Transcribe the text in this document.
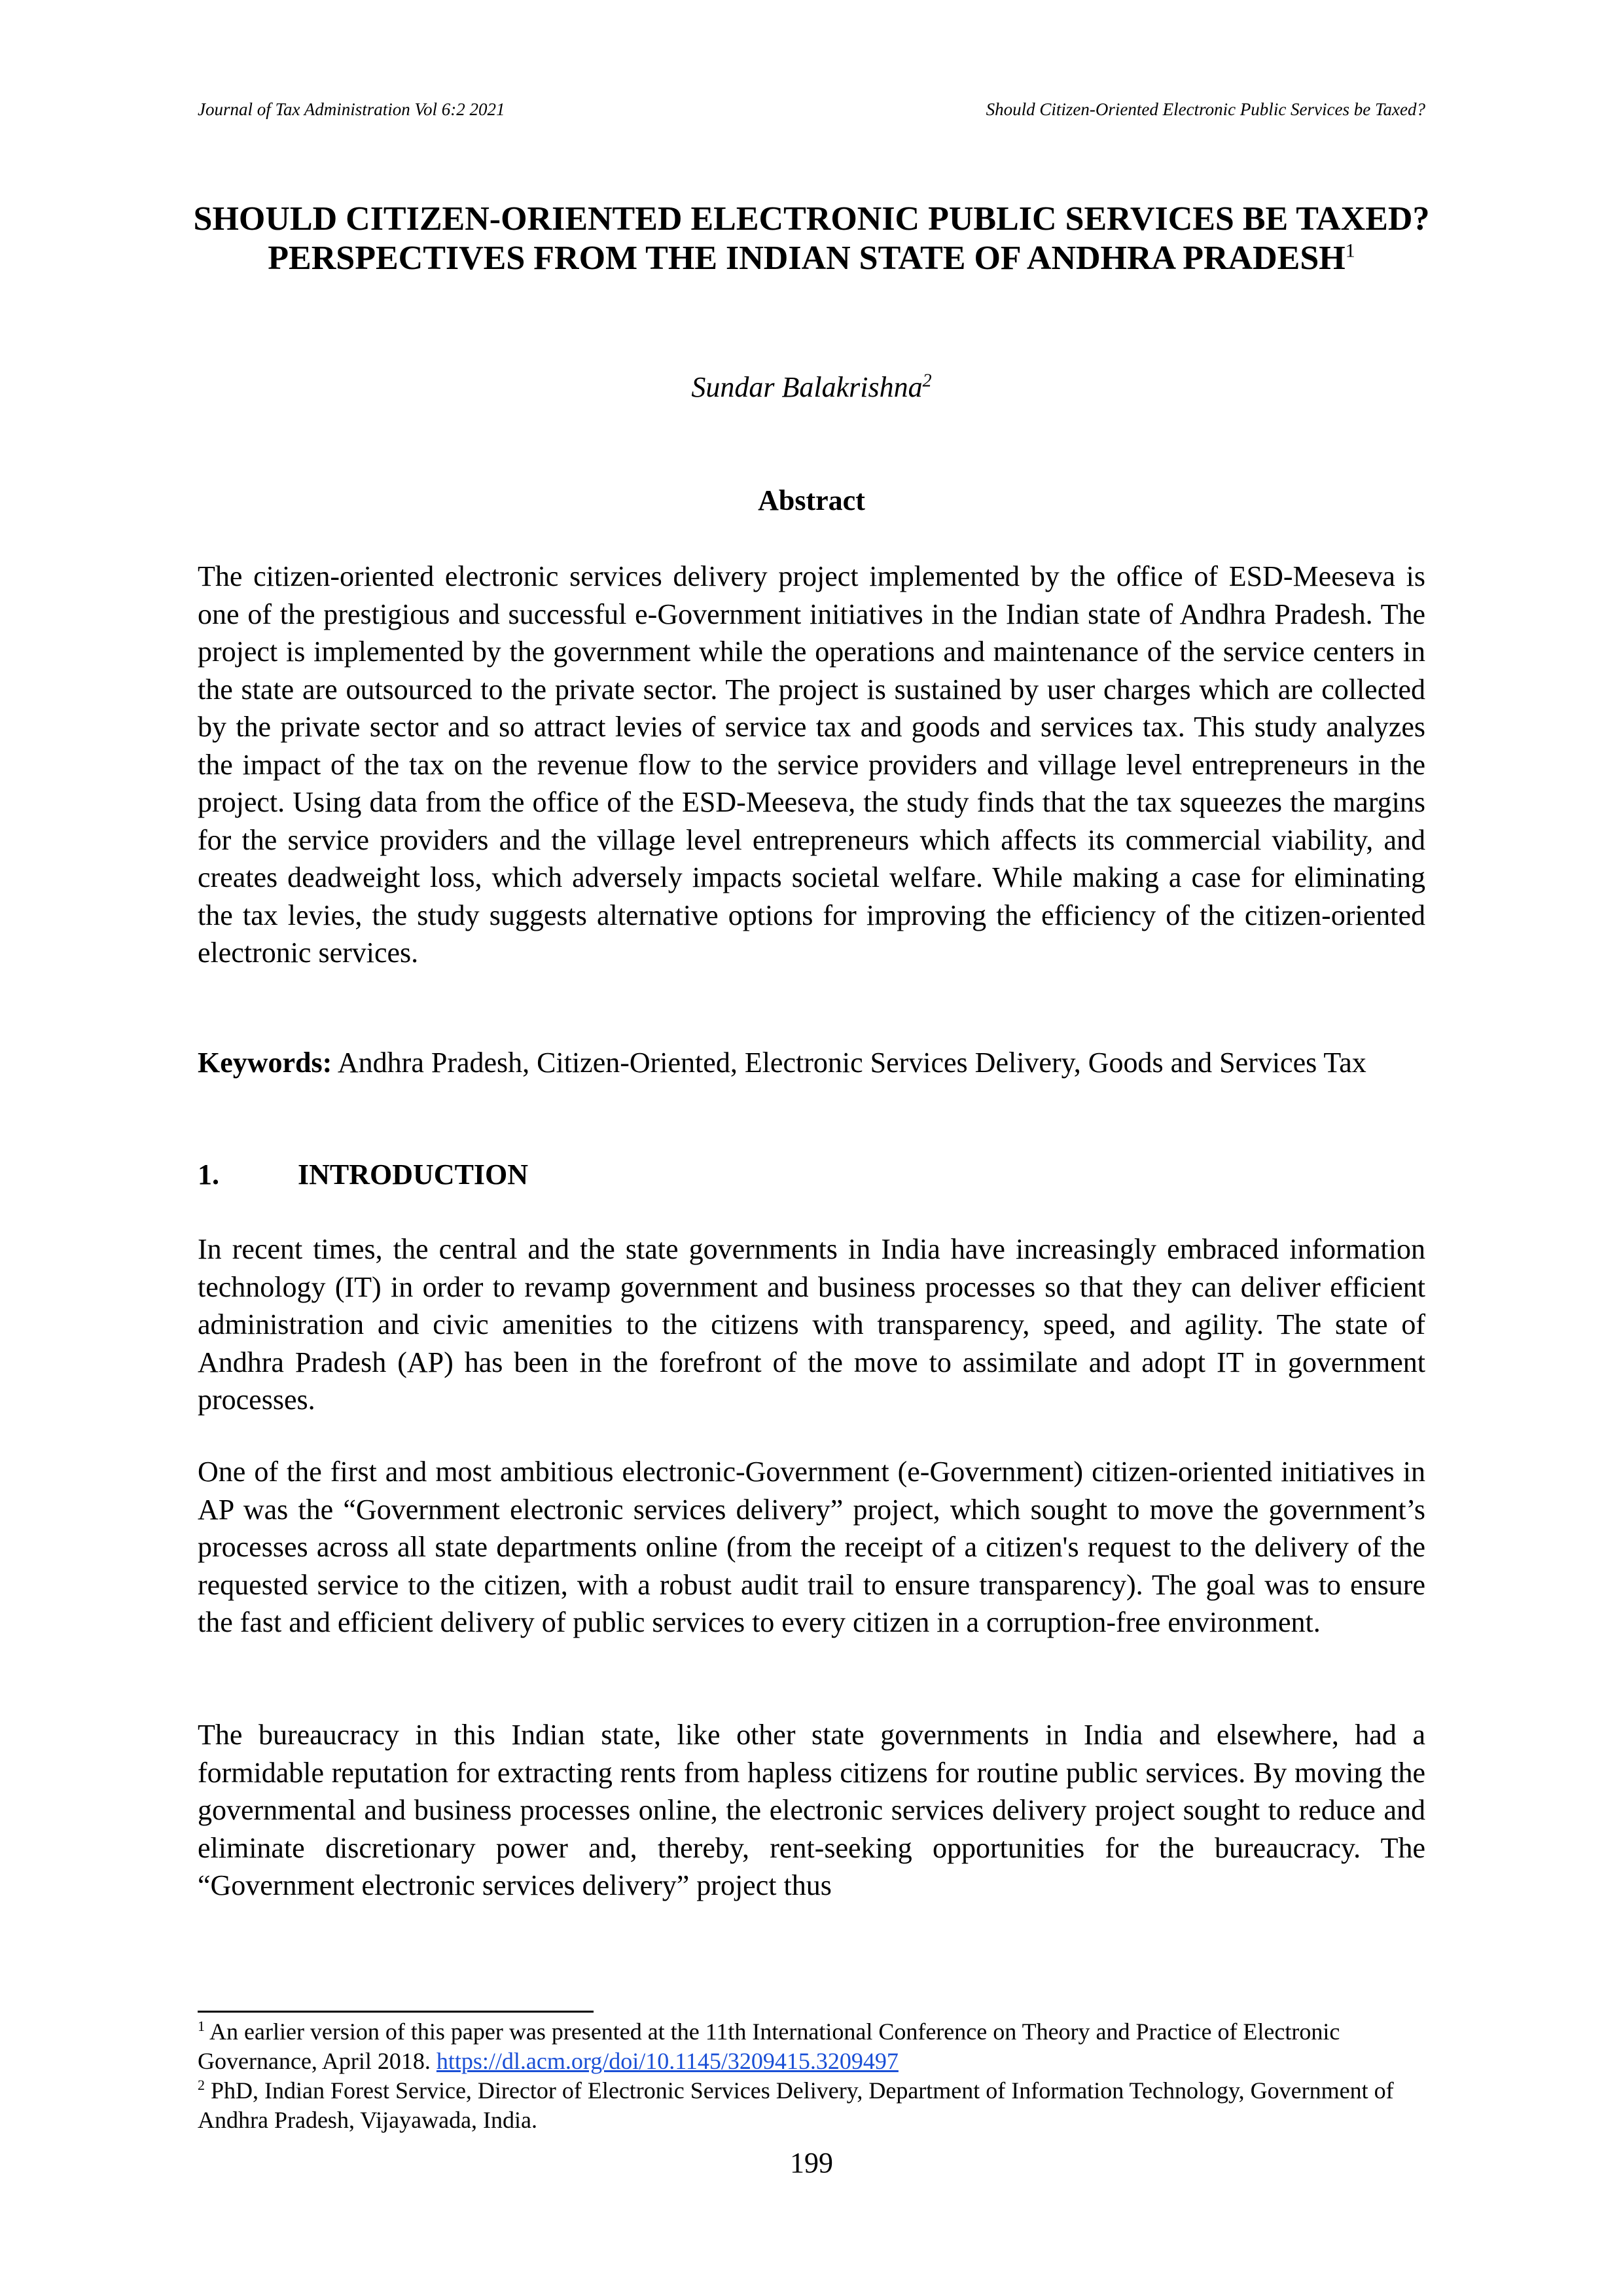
Journal of Tax Administration Vol 6:2 2021	Should Citizen-Oriented Electronic Public Services be Taxed?
SHOULD CITIZEN-ORIENTED ELECTRONIC PUBLIC SERVICES BE TAXED? PERSPECTIVES FROM THE INDIAN STATE OF ANDHRA PRADESH$^1$
Sundar Balakrishna$^2$
Abstract

The citizen-oriented electronic services delivery project implemented by the office of ESD-Meeseva is one of the prestigious and successful e-Government initiatives in the Indian state of Andhra Pradesh. The project is implemented by the government while the operations and maintenance of the service centers in the state are outsourced to the private sector. The project is sustained by user charges which are collected by the private sector and so attract levies of service tax and goods and services tax. This study analyzes the impact of the tax on the revenue flow to the service providers and village level entrepreneurs in the project. Using data from the office of the ESD-Meeseva, the study finds that the tax squeezes the margins for the service providers and the village level entrepreneurs which affects its commercial viability, and creates deadweight loss, which adversely impacts societal welfare. While making a case for eliminating the tax levies, the study suggests alternative options for improving the efficiency of the citizen-oriented electronic services.

Keywords: Andhra Pradesh, Citizen-Oriented, Electronic Services Delivery, Goods and Services Tax

1.	INTRODUCTION

In recent times, the central and the state governments in India have increasingly embraced information technology (IT) in order to revamp government and business processes so that they can deliver efficient administration and civic amenities to the citizens with transparency, speed, and agility. The state of Andhra Pradesh (AP) has been in the forefront of the move to assimilate and adopt IT in government processes.

One of the first and most ambitious electronic-Government (e-Government) citizen-oriented initiatives in AP was the “Government electronic services delivery” project, which sought to move the government’s processes across all state departments online (from the receipt of a citizen's request to the delivery of the requested service to the citizen, with a robust audit trail to ensure transparency). The goal was to ensure the fast and efficient delivery of public services to every citizen in a corruption-free environment.

The bureaucracy in this Indian state, like other state governments in India and elsewhere, had a formidable reputation for extracting rents from hapless citizens for routine public services. By moving the governmental and business processes online, the electronic services delivery project sought to reduce and eliminate discretionary power and, thereby, rent-seeking opportunities for the bureaucracy. The “Government electronic services delivery” project thus

$^1$ An earlier version of this paper was presented at the 11th International Conference on Theory and Practice of Electronic Governance, April 2018. https://dl.acm.org/doi/10.1145/3209415.3209497

$^2$ PhD, Indian Forest Service, Director of Electronic Services Delivery, Department of Information Technology, Government of Andhra Pradesh, Vijayawada, India.

199
